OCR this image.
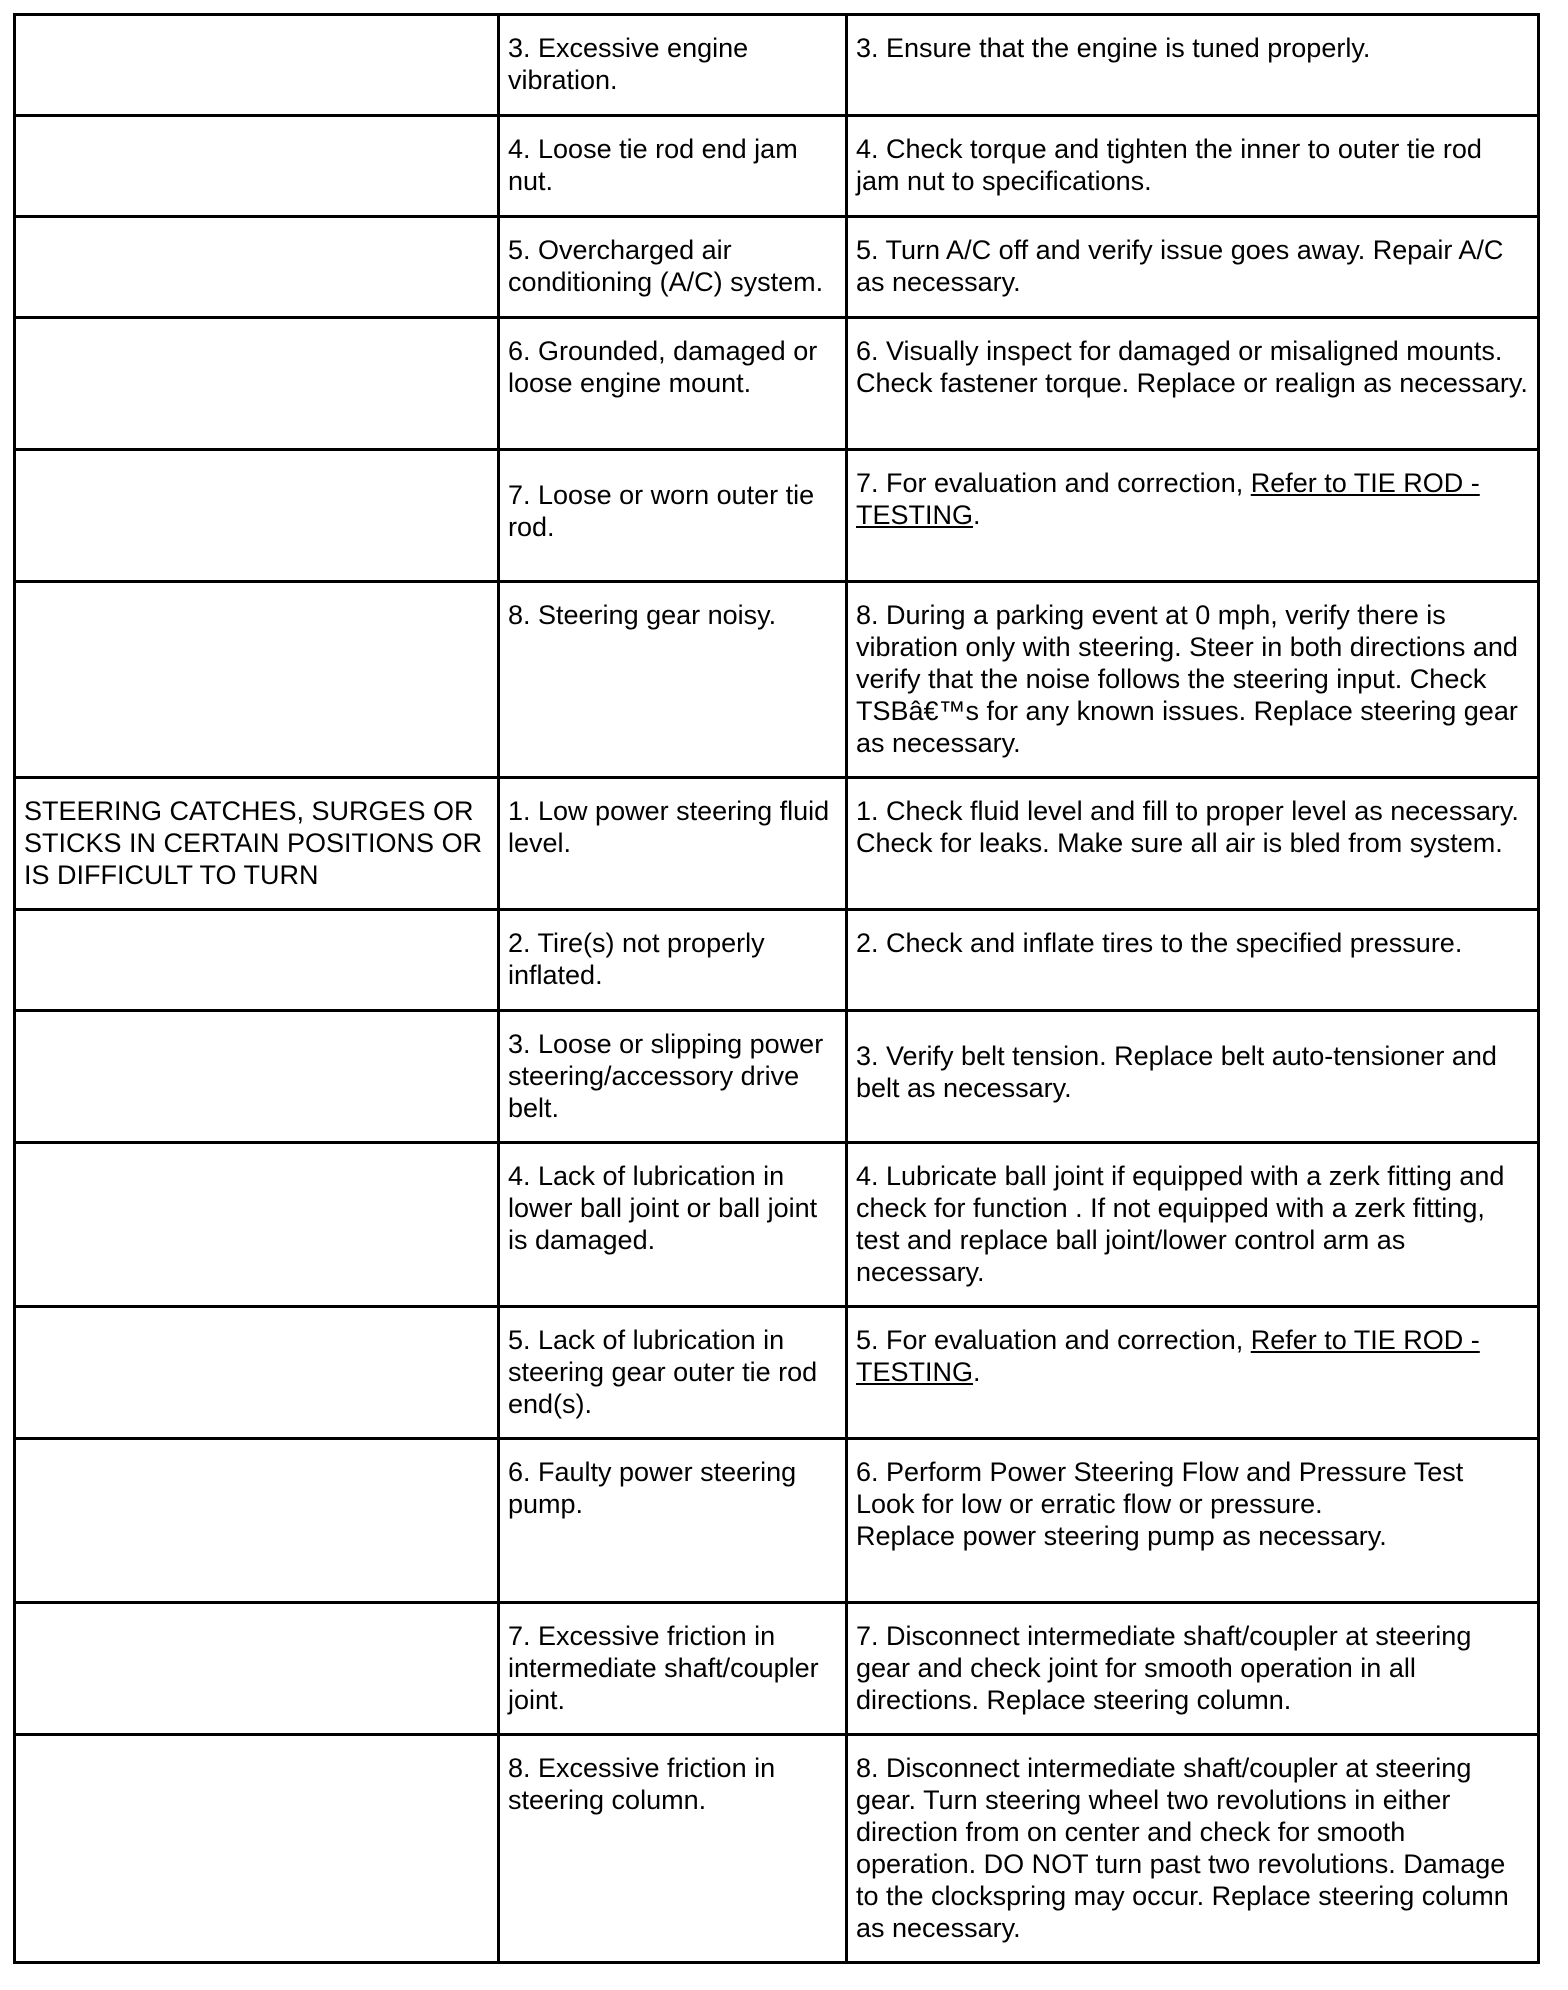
	3. Excessive engine vibration.	3. Ensure that the engine is tuned properly.
	4. Loose tie rod end jam nut.	4. Check torque and tighten the inner to outer tie rod jam nut to specifications.
	5. Overcharged air conditioning (A/C) system.	5. Turn A/C off and verify issue goes away. Repair A/C as necessary.
	6. Grounded, damaged or loose engine mount.	6. Visually inspect for damaged or misaligned mounts. Check fastener torque. Replace or realign as necessary.
	7. Loose or worn outer tie rod.	7. For evaluation and correction, Refer to TIE ROD - TESTING.
	8. Steering gear noisy.	8. During a parking event at 0 mph, verify there is vibration only with steering. Steer in both directions and verify that the noise follows the steering input. Check TSBâ€™s for any known issues. Replace steering gear as necessary.
STEERING CATCHES, SURGES OR STICKS IN CERTAIN POSITIONS OR IS DIFFICULT TO TURN	1. Low power steering fluid level.	1. Check fluid level and fill to proper level as necessary. Check for leaks. Make sure all air is bled from system.
	2. Tire(s) not properly inflated.	2. Check and inflate tires to the specified pressure.
	3. Loose or slipping power steering/accessory drive belt.	3. Verify belt tension. Replace belt auto-tensioner and belt as necessary.
	4. Lack of lubrication in lower ball joint or ball joint is damaged.	4. Lubricate ball joint if equipped with a zerk fitting and check for function . If not equipped with a zerk fitting, test and replace ball joint/lower control arm as necessary.
	5. Lack of lubrication in steering gear outer tie rod end(s).	5. For evaluation and correction, Refer to TIE ROD - TESTING.
	6. Faulty power steering pump.	6. Perform Power Steering Flow and Pressure Test
Look for low or erratic flow or pressure.
Replace power steering pump as necessary.
	7. Excessive friction in intermediate shaft/coupler joint.	7. Disconnect intermediate shaft/coupler at steering gear and check joint for smooth operation in all directions. Replace steering column.
	8. Excessive friction in steering column.	8. Disconnect intermediate shaft/coupler at steering gear. Turn steering wheel two revolutions in either direction from on center and check for smooth operation. DO NOT turn past two revolutions. Damage to the clockspring may occur. Replace steering column as necessary.
